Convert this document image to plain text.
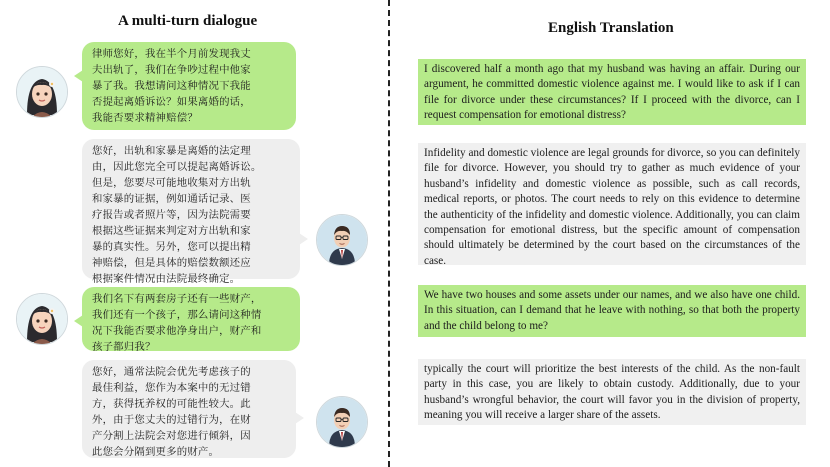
A multi-turn dialogue	English Translation
律师您好，我在半个月前发现我丈
夫出轨了，我们在争吵过程中他家
暴了我。我想请问这种情况下我能
否提起离婚诉讼？如果离婚的话，
我能否要求精神赔偿？
您好，出轨和家暴是离婚的法定理
由，因此您完全可以提起离婚诉讼。
但是，您要尽可能地收集对方出轨
和家暴的证据，例如通话记录、医
疗报告或者照片等，因为法院需要
根据这些证据来判定对方出轨和家
暴的真实性。另外，您可以提出精
神赔偿，但是具体的赔偿数额还应
根据案件情况由法院最终确定。
我们名下有两套房子还有一些财产，
我们还有一个孩子，那么请问这种情
况下我能否要求他净身出户，财产和
孩子都归我？
您好，通常法院会优先考虑孩子的
最佳利益，您作为本案中的无过错
方，获得抚养权的可能性较大。此
外，由于您丈夫的过错行为，在财
产分割上法院会对您进行倾斜，因
此您会分隔到更多的财产。
I discovered half a month ago that my husband was having an affair. During our argument, he committed domestic violence against me. I would like to ask if I can file for divorce under these circumstances? If I proceed with the divorce, can I request compensation for emotional distress?
Infidelity and domestic violence are legal grounds for divorce, so you can definitely file for divorce. However, you should try to gather as much evidence of your husband’s infidelity and domestic violence as possible, such as call records, medical reports, or photos. The court needs to rely on this evidence to determine the authenticity of the infidelity and domestic violence. Additionally, you can claim compensation for emotional distress, but the specific amount of compensation should ultimately be determined by the court based on the circumstances of the case.
We have two houses and some assets under our names, and we also have one child. In this situation, can I demand that he leave with nothing, so that both the property and the child belong to me?
typically the court will prioritize the best interests of the child. As the non-fault party in this case, you are likely to obtain custody. Additionally, due to your husband’s wrongful behavior, the court will favor you in the division of property, meaning you will receive a larger share of the assets.
